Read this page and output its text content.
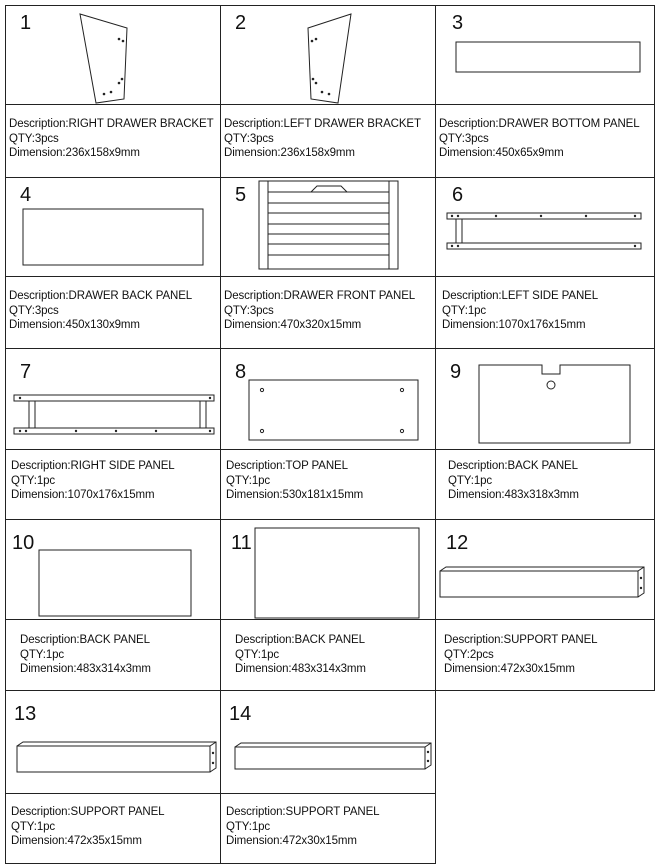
1
Description:RIGHT DRAWER BRACKET
QTY:3pcs
Dimension:236x158x9mm
2
Description:LEFT DRAWER BRACKET
QTY:3pcs
Dimension:236x158x9mm
3
Description:DRAWER BOTTOM PANEL
QTY:3pcs
Dimension:450x65x9mm
4
Description:DRAWER BACK PANEL
QTY:3pcs
Dimension:450x130x9mm
5
Description:DRAWER FRONT PANEL
QTY:3pcs
Dimension:470x320x15mm
6
Description:LEFT SIDE PANEL
QTY:1pc
Dimension:1070x176x15mm
7
Description:RIGHT SIDE PANEL
QTY:1pc
Dimension:1070x176x15mm
8
Description:TOP PANEL
QTY:1pc
Dimension:530x181x15mm
9
Description:BACK PANEL
QTY:1pc
Dimension:483x318x3mm
10
Description:BACK PANEL
QTY:1pc
Dimension:483x314x3mm
11
Description:BACK PANEL
QTY:1pc
Dimension:483x314x3mm
12
Description:SUPPORT PANEL
QTY:2pcs
Dimension:472x30x15mm
13
Description:SUPPORT PANEL
QTY:1pc
Dimension:472x35x15mm
14
Description:SUPPORT PANEL
QTY:1pc
Dimension:472x30x15mm
